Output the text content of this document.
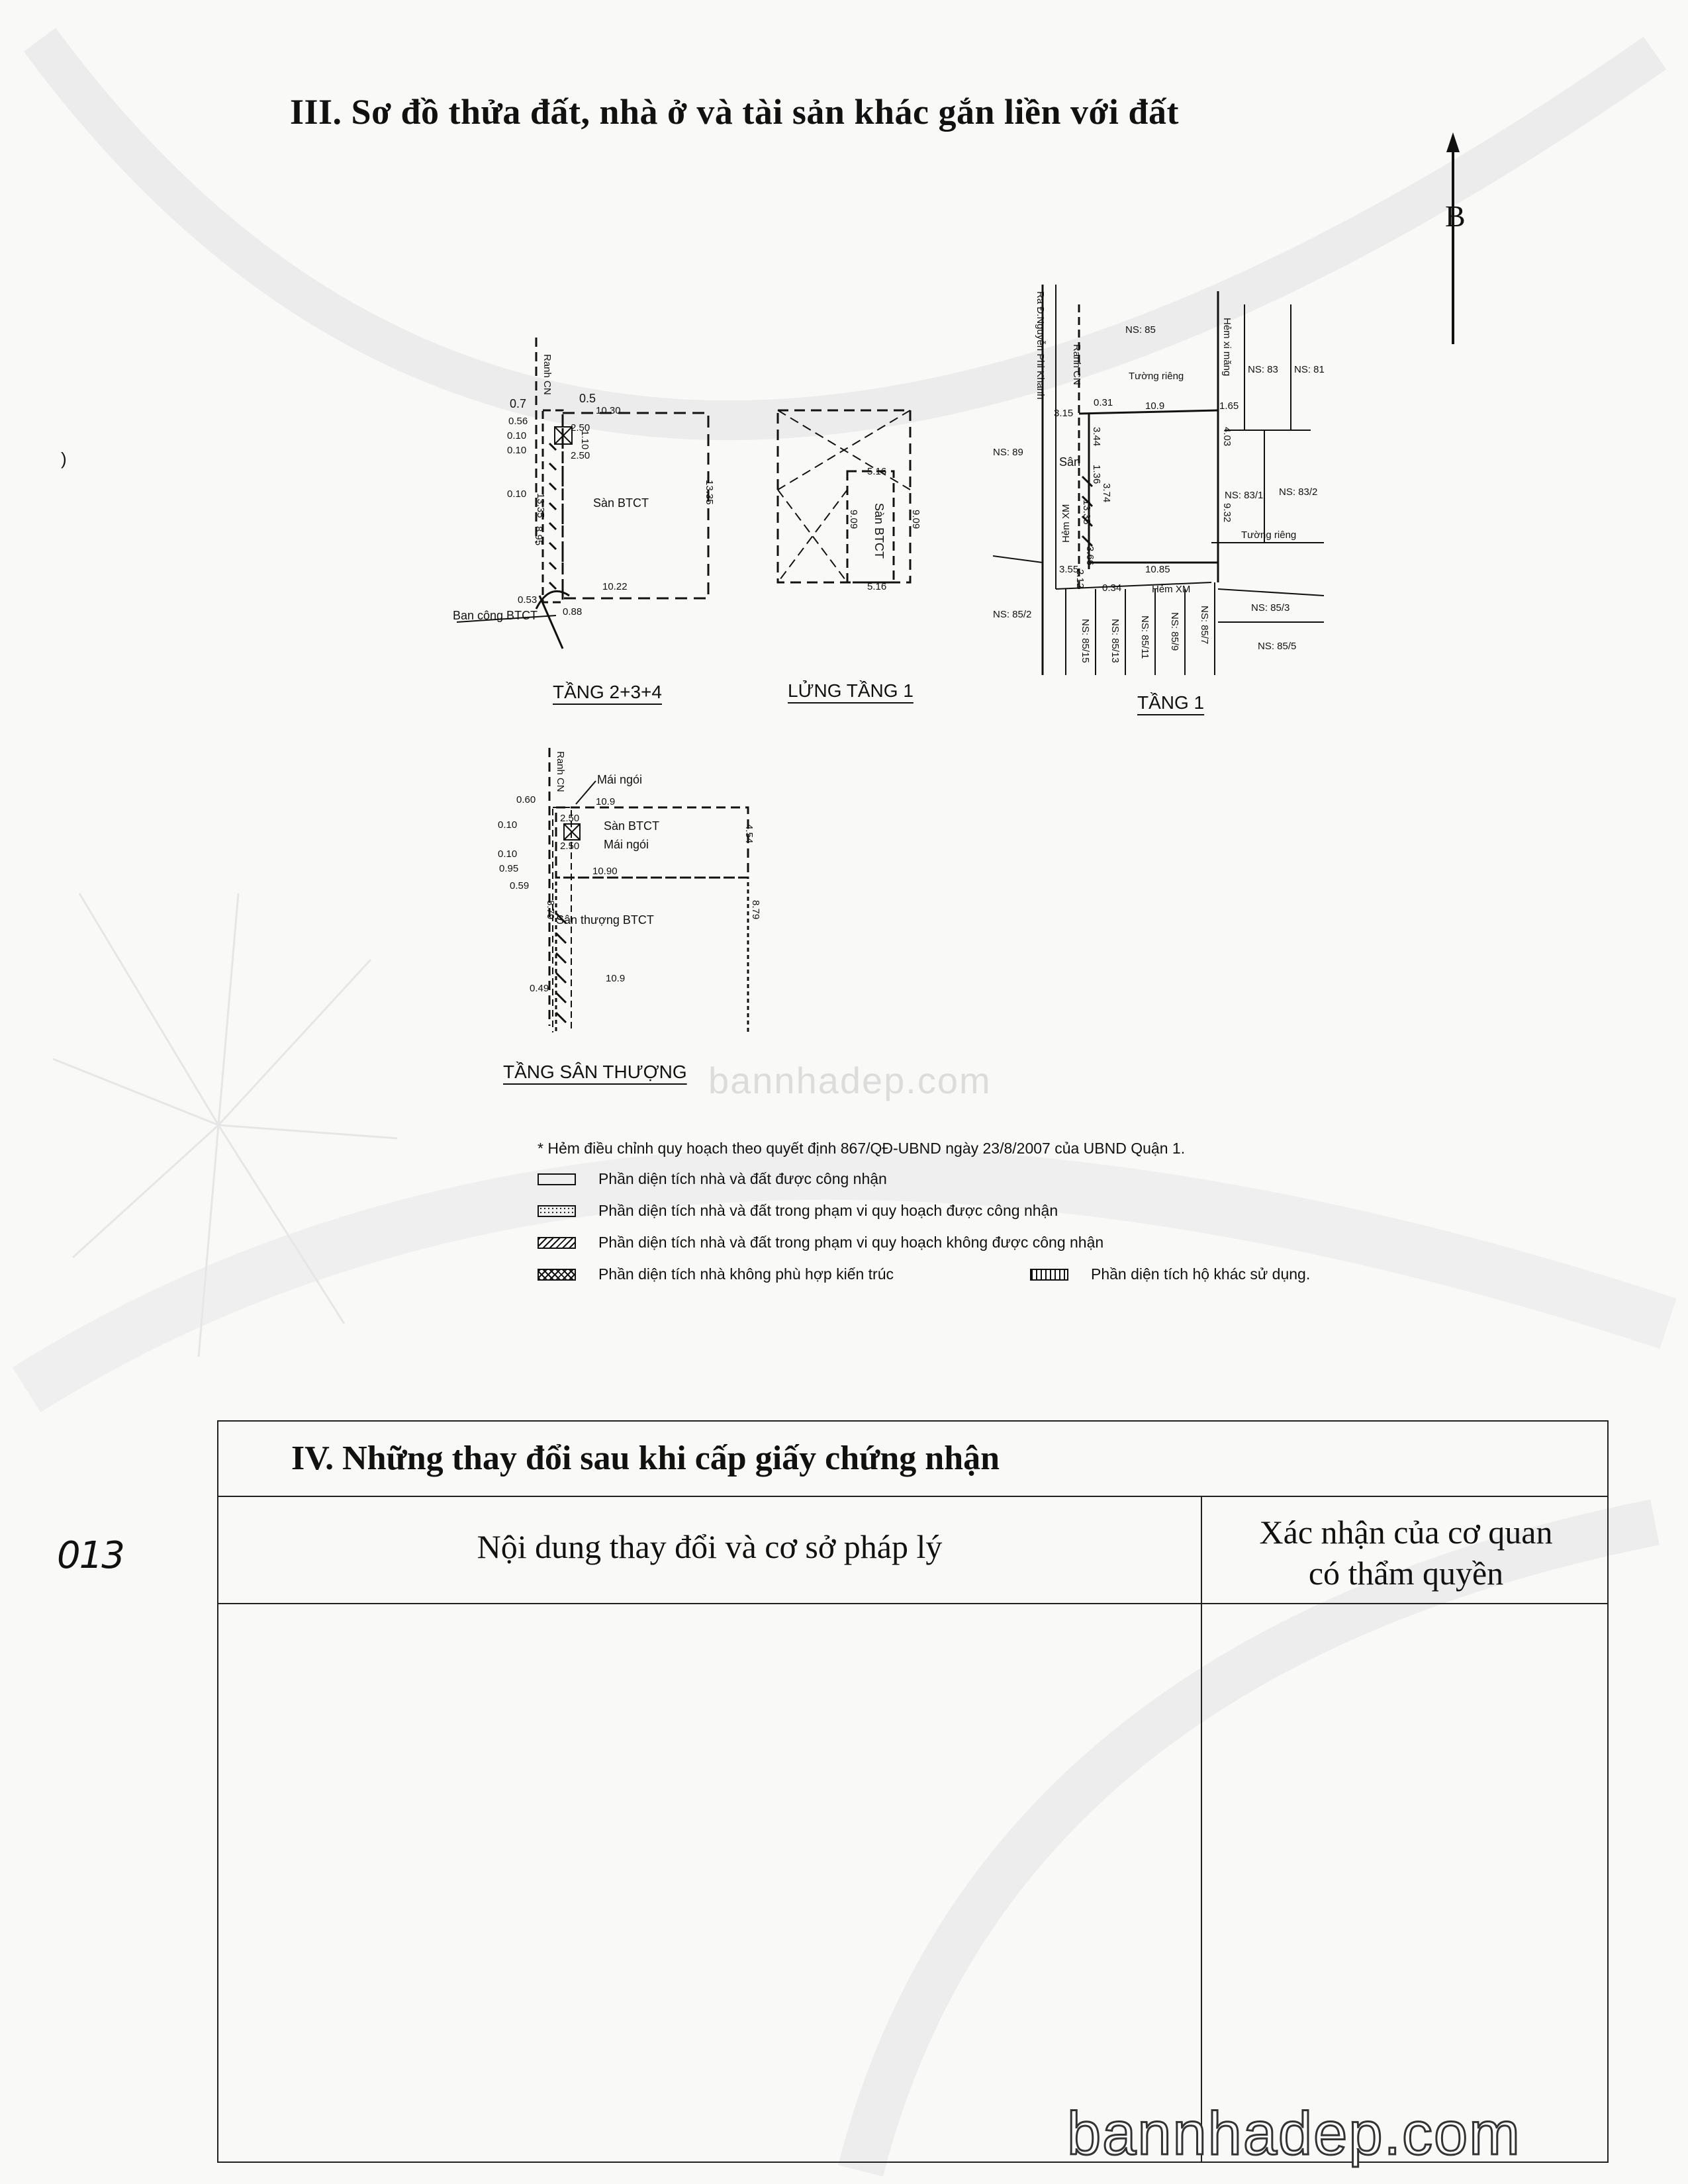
III. Sơ đồ thửa đất, nhà ở và tài sản khác gắn liền với đất
)
B
Ranh CN
0.7	0.5
10.30
0.56
0.10
0.10
0.10
2.50
2.50
1.10
13.35
13.35
8.95
Sàn BTCT
10.22
0.53
0.88
Ban công BTCT
TẦNG 2+3+4
5.16
5.16
9.09	9.09
Sàn BTCT
LỬNG TẦNG 1
Ra Đ.Nguyễn Phi Khanh	Ranh CN
NS: 85	Hẻm xi măng NS: 83 NS: 81
Tường riêng
0.31	10.9	1.65
3.15
NS: 89
Sân
3.44
1.36
3.74
13.35
4.03
NS: 83/1 NS: 83/2
9.32
Tường riêng
Hẻm XM
3.55
3.66
10.85
2.12 0.34	Hẻm XM
NS: 85/2
NS: 85/15 NS: 85/13 NS: 85/11 NS: 85/9 NS: 85/7	NS: 85/3
NS: 85/5
TẦNG 1
Ranh CN	Mái ngói
0.60	10.9
0.10
2.50
2.50
Sàn BTCT
Mái ngói
4.54
0.10
0.95	10.90
0.59
Sân thượng BTCT
8.79	8.79
0.49
10.9
TẦNG SÂN THƯỢNG bannhadep.com
* Hẻm điều chỉnh quy hoạch theo quyết định 867/QĐ-UBND ngày 23/8/2007 của UBND Quận 1.
Phần diện tích nhà và đất được công nhận
Phần diện tích nhà và đất trong phạm vi quy hoạch được công nhận
Phần diện tích nhà và đất trong phạm vi quy hoạch không được công nhận
Phần diện tích nhà không phù hợp kiến trúc	Phần diện tích hộ khác sử dụng.
IV. Những thay đổi sau khi cấp giấy chứng nhận
Nội dung thay đổi và cơ sở pháp lý	Xác nhận của cơ quan
có thẩm quyền
013
bannhadep.com
